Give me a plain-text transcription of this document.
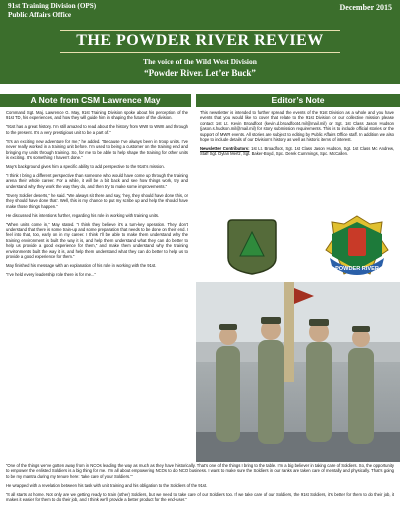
91st Training Division (OPS)
Public Affairs Office
December 2015
THE POWDER RIVER REVIEW
The voice of the Wild West Division
“Powder River. Let’er Buck”
A Note from CSM Lawrence May	Editor’s Note

Command Sgt. Maj. Lawrence G. May, 91st Training Division spoke about his perception of the 91st TD, his experiences, and how they will guide him in shaping the future of the division.

“91st has a great history. I’m still amazed to read about the history from WWI to WWII and through to the present. It’s a very prestigious unit to be a part of.”

“It’s an exciting new adventure for me,” he added. “Because I’ve always been in troop units. I’ve never really worked in a training unit before. I’m used to being a customer on the training end and bringing my units through training. So, for me to be able to help shape the training for other units is exciting. It’s something I haven’t done.”

May’s background gives him a specific ability to add perspective to the 91st’s mission.

“I think I bring a different perspective than someone who would have come up through the training arena their whole career. For a while, it will be a bit back and see how things work, try and understand why they work the way they do, and then try to make some improvements.”

“Every Soldier deserts,” he said. “We always sit there and say, ‘hey, they should have done this, or they should have done that’. Well, this is my chance to put my scribe up and help the should have make those things happen.”

He discussed his intentions further, regarding his role in working with training units.

“When units come in,” May stated. “I think they believe it’s a turn-key operation. They don’t understand that there is some train-up and some preparation that needs to be done on their end. I feel into that, too, early on in my career. I think I’ll be able to make them understand why the training environment is built the way it is, and help them understand what they can do better to help us provide a good experience for them,” and make them understand why the training environments built the way it is, and help them understand what they can do better to help us to provide a good experience for them.”

May finished his message with an explanation of his role in working with the 91st.

“I’ve held every leadership role there is for me...”

This newsletter is intended to further spread the events of the 91st Division as a whole and you have events that you would like to cover that relate to the 91st Division or our collective mission please contact 1st Lt. Kevin Broadfoot (kevin.d.broadfoot4.mil@mail.mil) or Sgt. 1st Class Jason Hudson (jason.s.hudson.mil@mail.mil) for story submission requirements. This is to include official stories or the support of MWR events. All stories are subject to editing by Public Affairs Office staff. In addition we also hope to include details of our Division’s history as well as historic items of interest.

Newsletter Contributors: 1st Lt. Broadfoot, Sgt. 1st Class Jason Hudson, Sgt. 1st Class Mc Andrew, Staff Sgt. Dylan Mertz, Sgt. Baker-Boyd, Spc. Derek Cummings, Spc. McCallen.

POWDER RIVER

“One of the things we’ve gotten away from in NCOs leading the way as much as they have historically. That’s one of the things I bring to the table. I’m a big believer in taking care of Soldiers. So, the opportunity to empower the enlisted Soldiers is a big thing for me. I’m all about empowering NCOs to do NCO business. I want to make sure the Soldiers in our ranks are taken care of mentally and physically. That’s going to be my mantra during my tenure here: ‘take care of your Soldiers.’”

He wrapped with a revelation between his task with unit training and his obligation to the Soldiers of the 91st.

“It all starts at home. Not only are we getting ready to train (other) Soldiers, but we need to take care of our Soldiers too. If we take care of our Soldiers, the 91st Soldiers, it’s better for them to do their job, it makes it easier for them to do their job, and I think we’ll provide a better product for the end-user.”
